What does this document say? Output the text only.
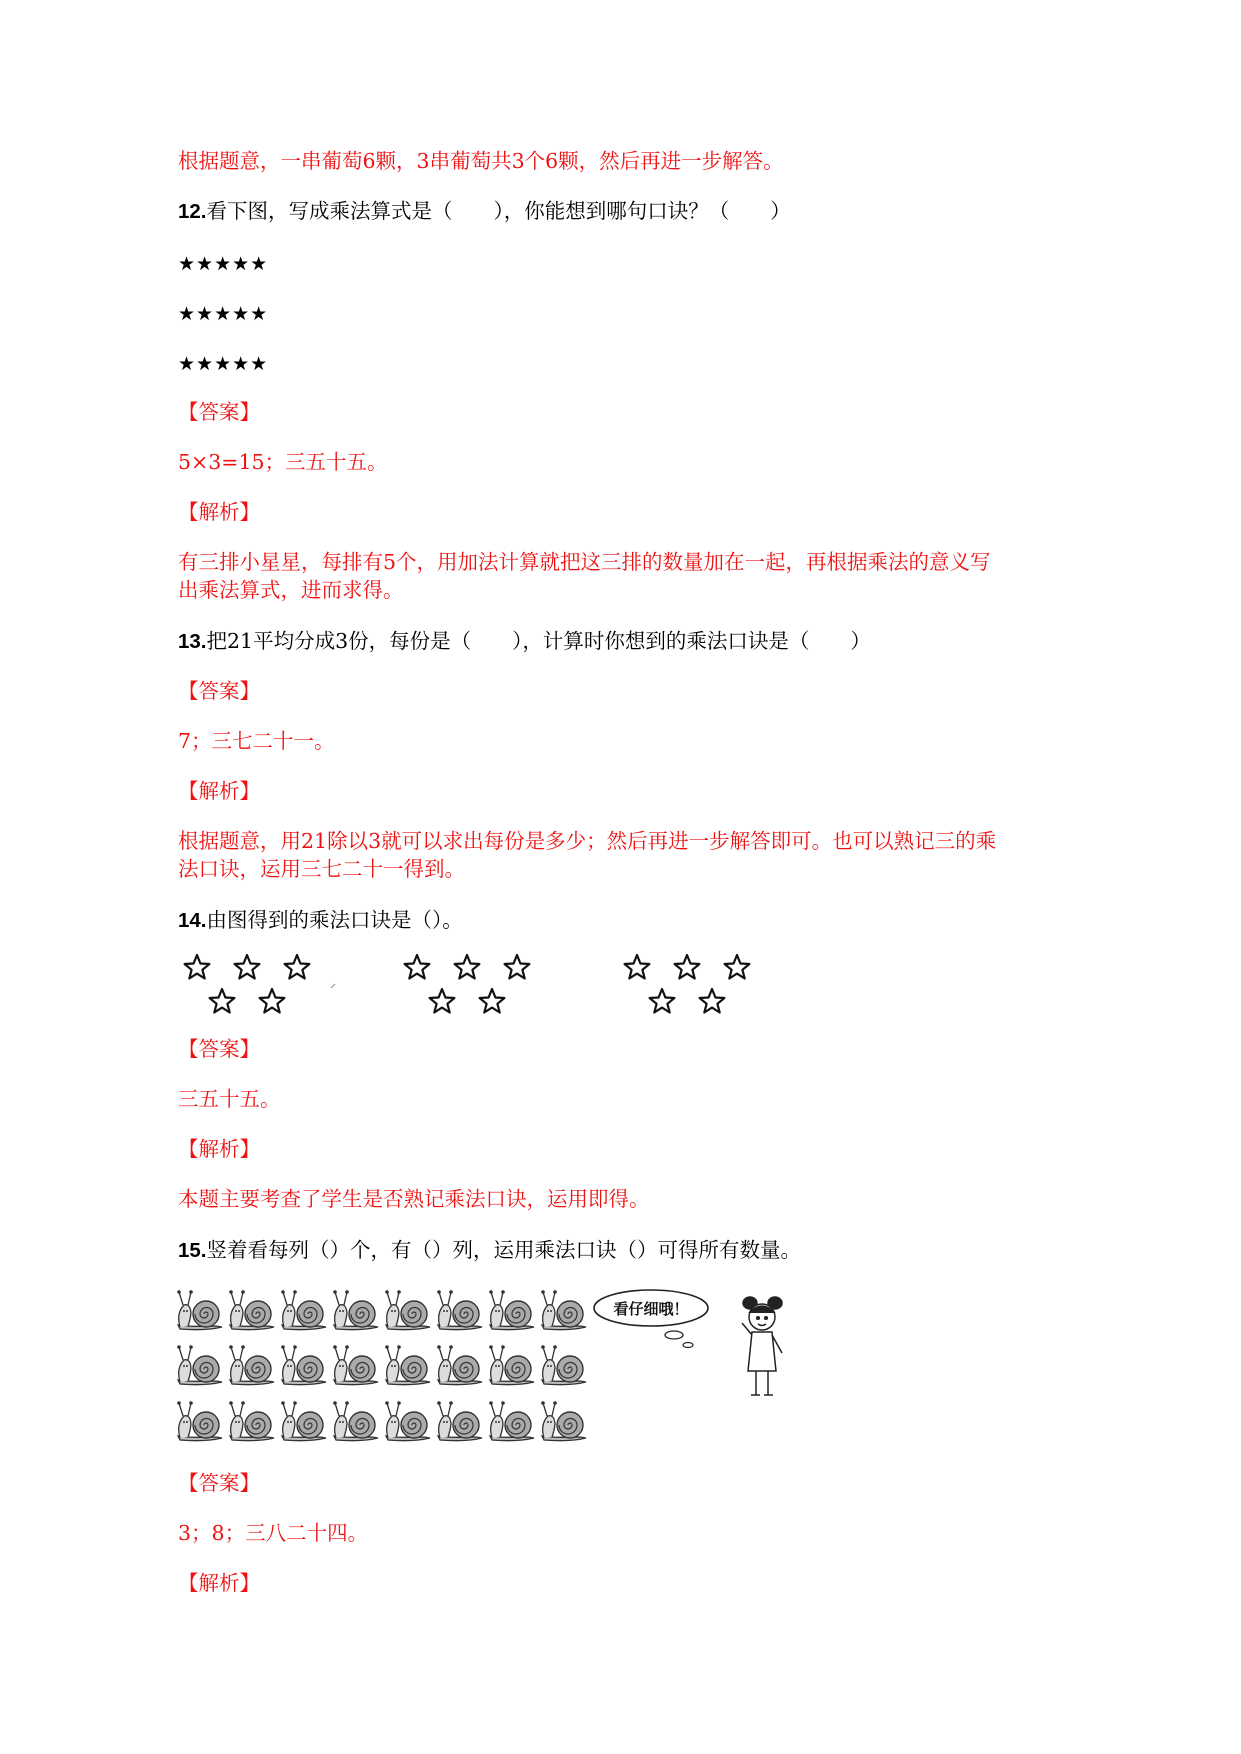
根据题意，一串葡萄6颗，3串葡萄共3个6颗，然后再进一步解答。
12.看下图，写成乘法算式是（　　），你能想到哪句口诀？（　　）
★★★★★
★★★★★
★★★★★
【答案】
5×3=15；三五十五。
【解析】
有三排小星星，每排有5个，用加法计算就把这三排的数量加在一起，再根据乘法的意义写
出乘法算式，进而求得。
13.把21平均分成3份，每份是（　　），计算时你想到的乘法口诀是（　　）
【答案】
7；三七二十一。
【解析】
根据题意，用21除以3就可以求出每份是多少；然后再进一步解答即可。也可以熟记三的乘
法口诀，运用三七二十一得到。
14.由图得到的乘法口诀是（）。
【答案】
三五十五。
【解析】
本题主要考查了学生是否熟记乘法口诀，运用即得。
15.竖着看每列（）个，有（）列，运用乘法口诀（）可得所有数量。
看仔细哦！
【答案】
3；8；三八二十四。
【解析】
